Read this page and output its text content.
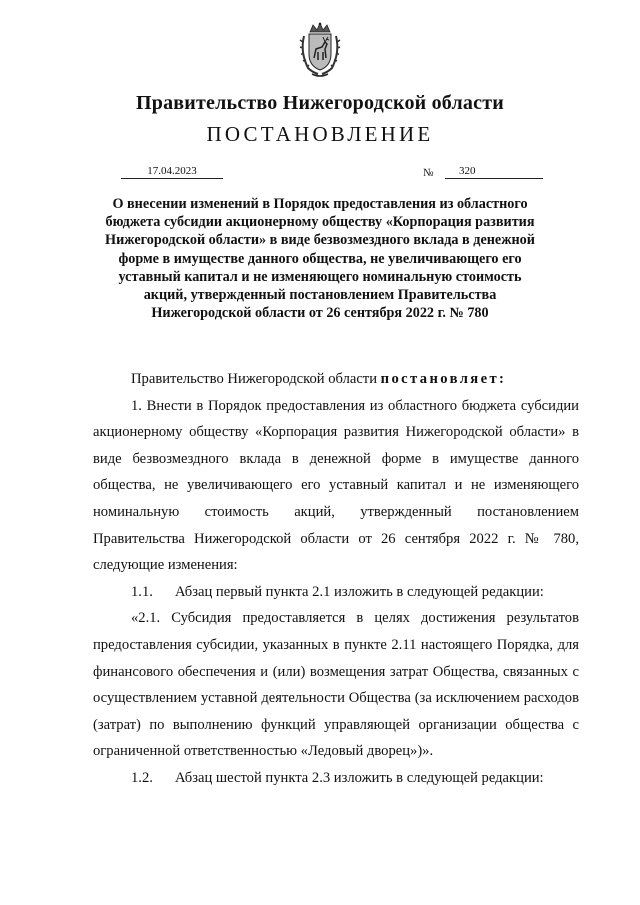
Правительство Нижегородской области
ПОСТАНОВЛЕНИЕ
17.04.2023	№	320
О внесении изменений в Порядок предоставления из областного бюджета субсидии акционерному обществу «Корпорация развития Нижегородской области» в виде безвозмездного вклада в денежной форме в имуществе данного общества, не увеличивающего его уставный капитал и не изменяющего номинальную стоимость акций, утвержденный постановлением Правительства Нижегородской области от 26 сентября 2022 г. № 780

Правительство Нижегородской области постановляет:

1. Внести в Порядок предоставления из областного бюджета субсидии акционерному обществу «Корпорация развития Нижегородской области» в виде безвозмездного вклада в денежной форме в имуществе данного общества, не увеличивающего его уставный капитал и не изменяющего номинальную стоимость акций, утвержденный постановлением Правительства Нижегородской области от 26 сентября 2022 г. № 780, следующие изменения:

1.1. Абзац первый пункта 2.1 изложить в следующей редакции:

«2.1. Субсидия предоставляется в целях достижения результатов предоставления субсидии, указанных в пункте 2.11 настоящего Порядка, для финансового обеспечения и (или) возмещения затрат Общества, связанных с осуществлением уставной деятельности Общества (за исключением расходов (затрат) по выполнению функций управляющей организации общества с ограниченной ответственностью «Ледовый дворец»)».

1.2. Абзац шестой пункта 2.3 изложить в следующей редакции:
